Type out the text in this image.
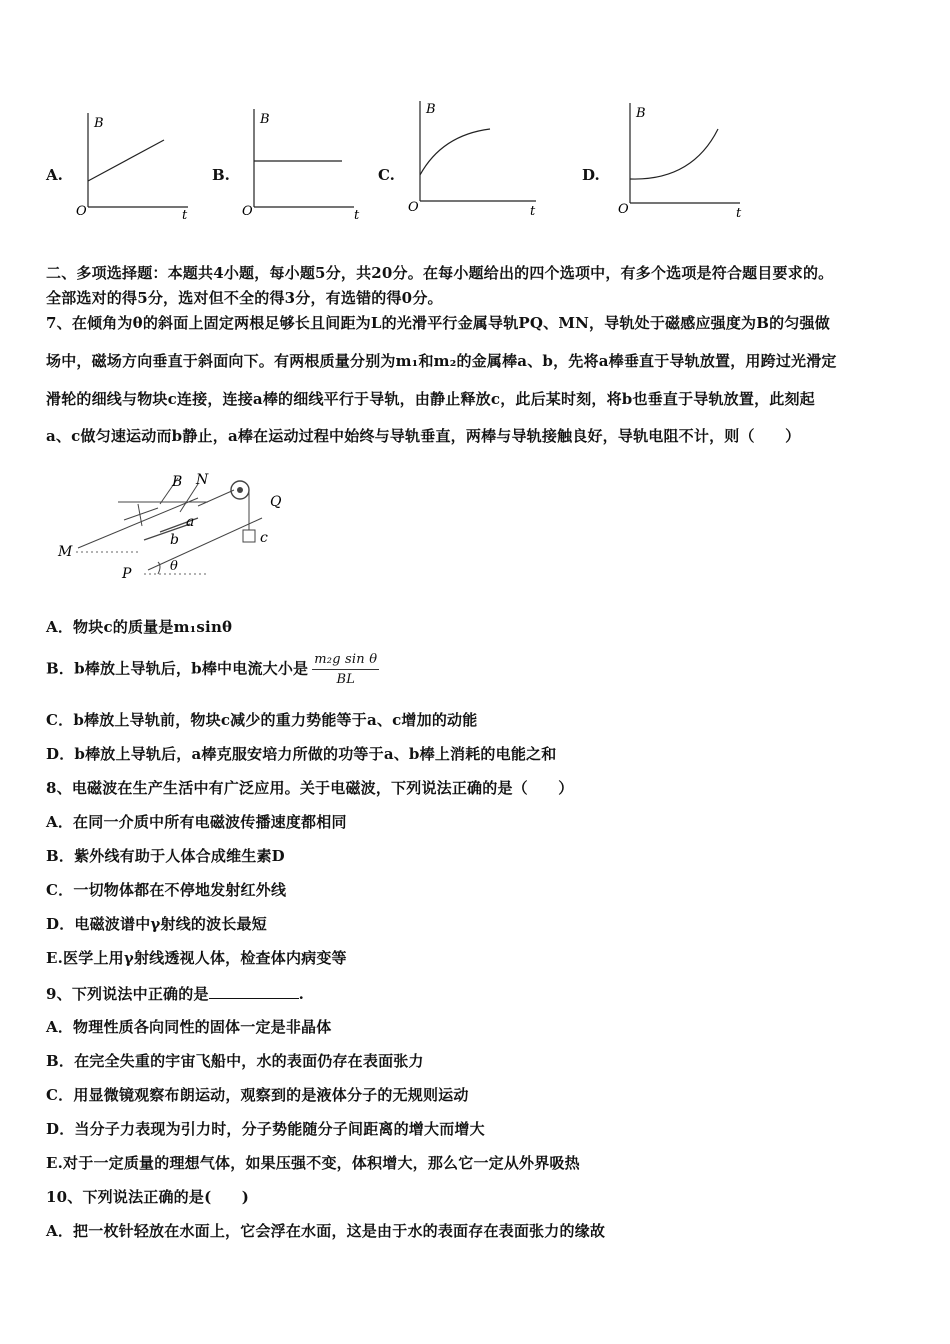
A.
B
t
O
B.
B
t
O
C.
B
t
O
D.
B
t
O
二、多项选择题：本题共4小题，每小题5分，共20分。在每小题给出的四个选项中，有多个选项是符合题目要求的。
全部选对的得5分，选对但不全的得3分，有选错的得0分。
7、在倾角为θ的斜面上固定两根足够长且间距为L的光滑平行金属导轨PQ、MN，导轨处于磁感应强度为B的匀强做
场中，磁场方向垂直于斜面向下。有两根质量分别为m₁和m₂的金属棒a、b，先将a棒垂直于导轨放置，用跨过光滑定
滑轮的细线与物块c连接，连接a棒的细线平行于导轨，由静止释放c，此后某时刻，将b也垂直于导轨放置，此刻起
a、c做匀速运动而b静止，a棒在运动过程中始终与导轨垂直，两棒与导轨接触良好，导轨电阻不计，则（　　）
B N
Q
a
b	c
M
P	θ
A．物块c的质量是m₁sinθ
B．b棒放上导轨后，b棒中电流大小是 $\frac{\text{m₂g sin θ}}{BL}$
C．b棒放上导轨前，物块c减少的重力势能等于a、c增加的动能
D．b棒放上导轨后，a棒克服安培力所做的功等于a、b棒上消耗的电能之和
8、电磁波在生产生活中有广泛应用。关于电磁波，下列说法正确的是（　　）
A．在同一介质中所有电磁波传播速度都相同
B．紫外线有助于人体合成维生素D
C．一切物体都在不停地发射红外线
D．电磁波谱中γ射线的波长最短
E.医学上用γ射线透视人体，检查体内病变等
9、下列说法中正确的是	.
A．物理性质各向同性的固体一定是非晶体
B．在完全失重的宇宙飞船中，水的表面仍存在表面张力
C．用显微镜观察布朗运动，观察到的是液体分子的无规则运动
D．当分子力表现为引力时，分子势能随分子间距离的增大而增大
E.对于一定质量的理想气体，如果压强不变，体积增大，那么它一定从外界吸热
10、下列说法正确的是(　　)
A．把一枚针轻放在水面上，它会浮在水面，这是由于水的表面存在表面张力的缘故
